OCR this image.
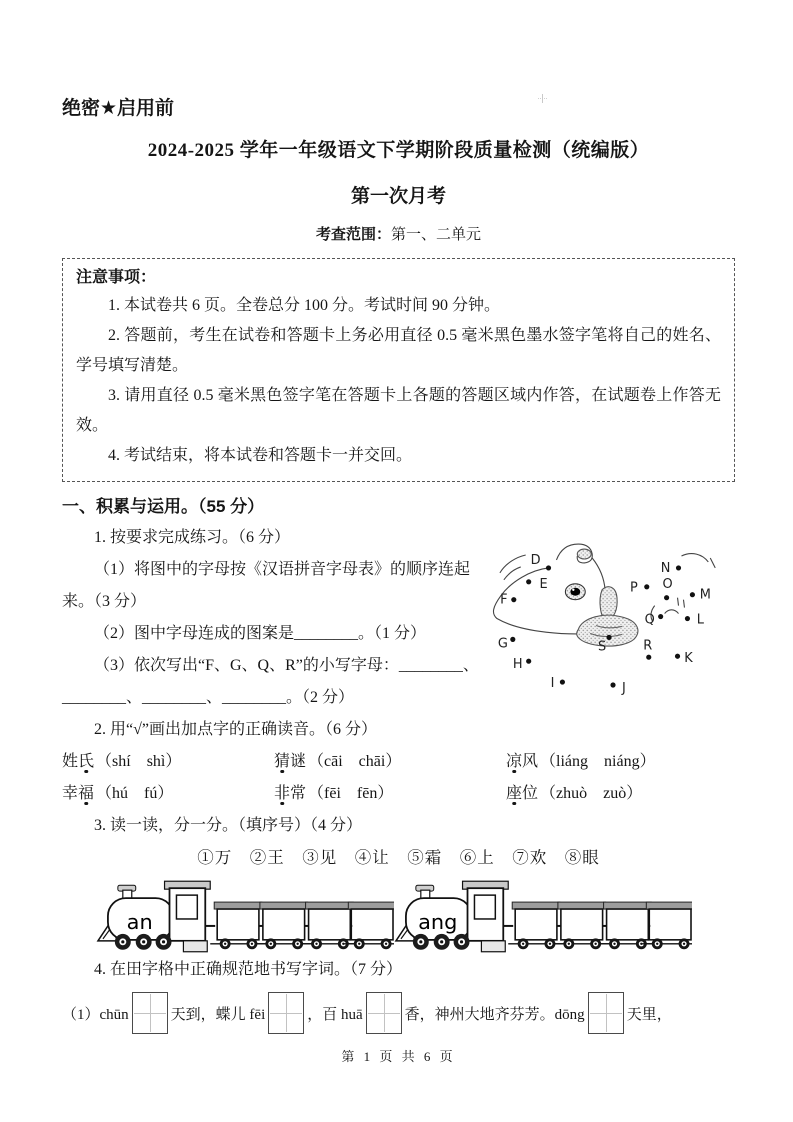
绝密★启用前
2024-2025 学年一年级语文下学期阶段质量检测（统编版）
第一次月考
考查范围：第一、二单元
注意事项：

1. 本试卷共 6 页。全卷总分 100 分。考试时间 90 分钟。

2. 答题前，考生在试卷和答题卡上务必用直径 0.5 毫米黑色墨水签字笔将自己的姓名、学号填写清楚。

3. 请用直径 0.5 毫米黑色签字笔在答题卡上各题的答题区域内作答，在试题卷上作答无效。

4. 考试结束，将本试卷和答题卡一并交回。

一、积累与运用。（55 分）
D
E
F
G
H
I	J
K
L
M
N
O
P
Q
R
S

1. 按要求完成练习。（6 分）

（1）将图中的字母按《汉语拼音字母表》的顺序连起

来。（3 分）

（2）图中字母连成的图案是________。（1 分）

（3）依次写出“F、G、Q、R”的小写字母：________、

________、________、________。（2 分）

2. 用“√”画出加点字的正确读音。（6 分）

姓氏 （shí　shì）	猜谜 （cāi　chāi）	凉风 （liáng　niáng）
幸福 （hú　fú）	非常 （fēi　fēn）	座位 （zhuò　zuò）

3. 读一读，分一分。（填序号）（4 分）

①万　②王　③见　④让　⑤霜　⑥上　⑦欢　⑧眼

an	ang

4. 在田字格中正确规范地书写字词。（7 分）

（1）chūn	天到，蝶儿 fēi	，百 huā	香，神州大地齐芬芳。dōng	天里，
第 1 页 共 6 页
